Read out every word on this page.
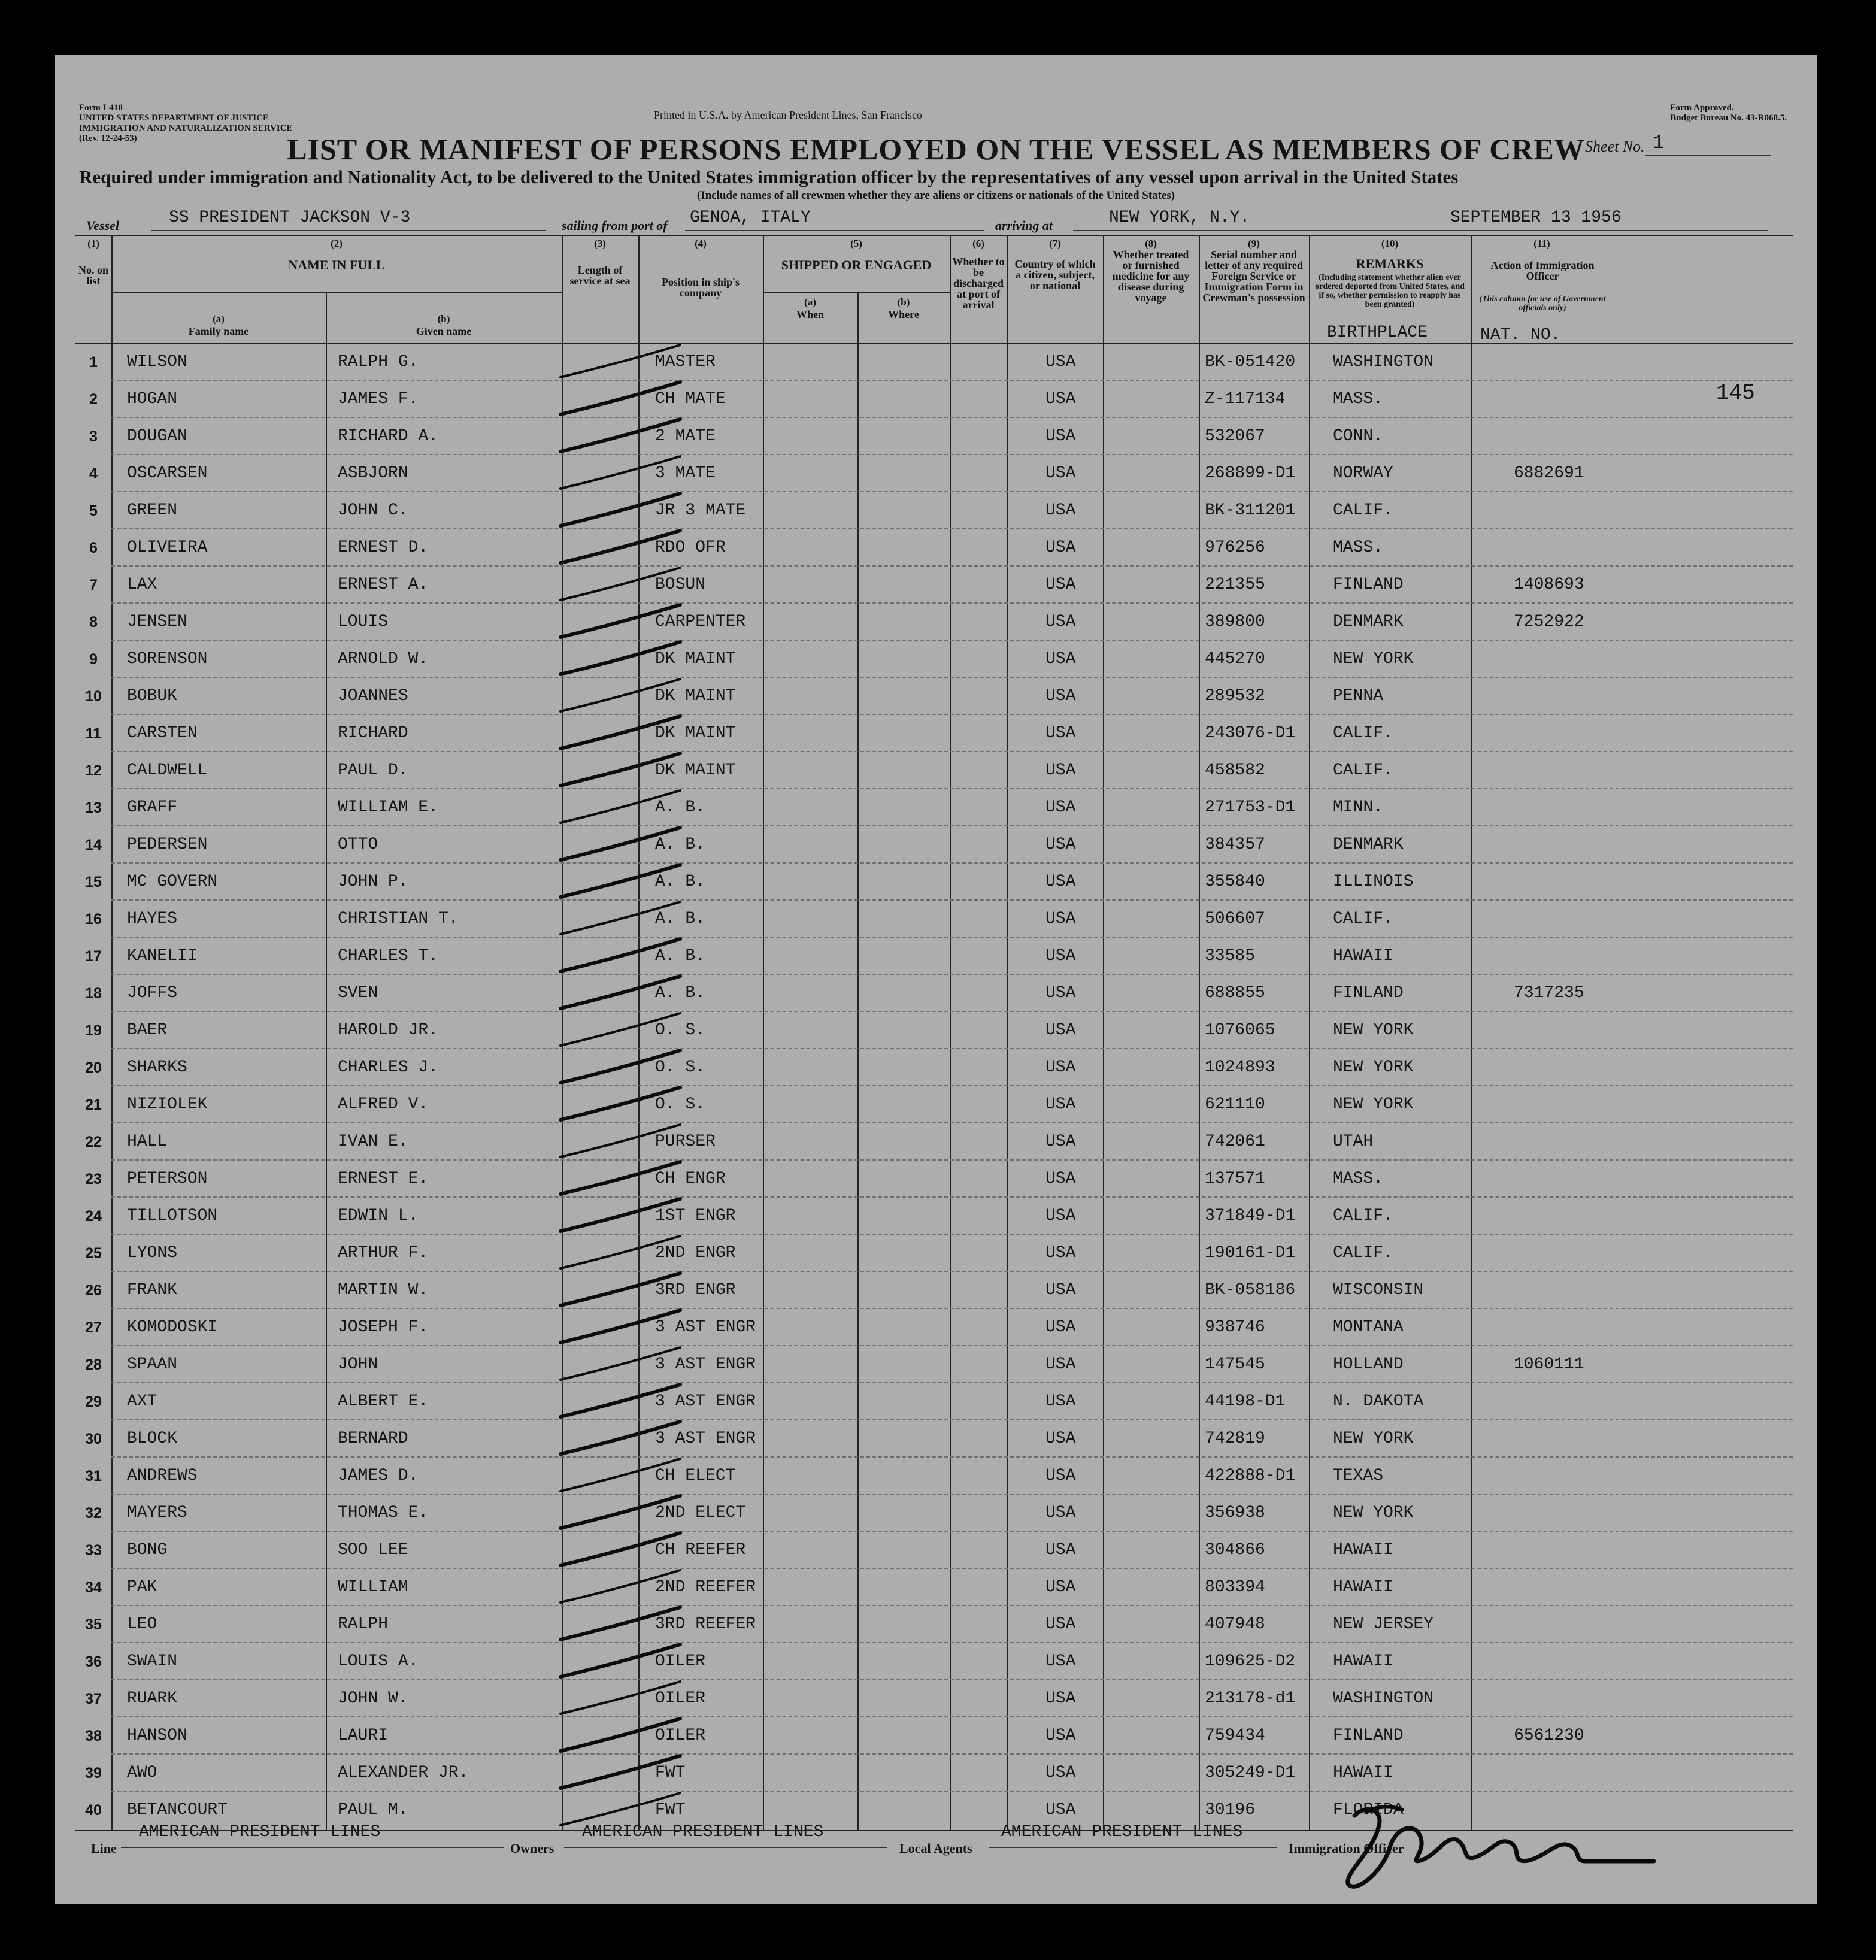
Form I-418
UNITED STATES DEPARTMENT OF JUSTICE
IMMIGRATION AND NATURALIZATION SERVICE
(Rev. 12-24-53)
Printed in U.S.A. by American President Lines, San Francisco
Form Approved.
Budget Bureau No. 43-R068.5.
LIST OR MANIFEST OF PERSONS EMPLOYED ON THE VESSEL AS MEMBERS OF CREW Sheet No. 1
Required under immigration and Nationality Act, to be delivered to the United States immigration officer by the representatives of any vessel upon arrival in the United States
(Include names of all crewmen whether they are aliens or citizens or nationals of the United States)
Vessel	SS PRESIDENT JACKSON V-3	sailing from port of GENOA, ITALY	arriving at	NEW YORK, N.Y.	SEPTEMBER 13 1956
(1)
No. on list
(2)
NAME IN FULL
(a)
Family name
(b)
Given name
(3)
Length of service at sea
(4)
Position in ship's company
(5)
SHIPPED OR ENGAGED
(a)
When
(b)
Where
(6)
Whether to be discharged at port of arrival
(7)
Country of which a citizen, subject, or national
(8)
Whether treated or furnished medicine for any disease during voyage
(9)
Serial number and letter of any required Foreign Service or Immigration Form in Crewman's possession
(10)
REMARKS
(Including statement whether alien ever ordered deported from United States, and if so, whether permission to reapply has been granted)
BIRTHPLACE
(11)
Action of Immigration Officer
(This column for use of Government officials only)
NAT. NO.
1	WILSON	RALPH G.	MASTER	USA	BK-051420 WASHINGTON
2	HOGAN	JAMES F.	CH MATE	USA	Z-117134	MASS.	145
3	DOUGAN	RICHARD A.	2 MATE	USA	532067	CONN.
4	OSCARSEN	ASBJORN	3 MATE	USA	268899-D1 NORWAY	6882691
5	GREEN	JOHN C.	JR 3 MATE	USA	BK-311201 CALIF.
6	OLIVEIRA	ERNEST D.	RDO OFR	USA	976256	MASS.
7	LAX	ERNEST A.	BOSUN	USA	221355	FINLAND	1408693
8	JENSEN	LOUIS	CARPENTER	USA	389800	DENMARK	7252922
9	SORENSON	ARNOLD W.	DK MAINT	USA	445270	NEW YORK
10	BOBUK	JOANNES	DK MAINT	USA	289532	PENNA
11	CARSTEN	RICHARD	DK MAINT	USA	243076-D1 CALIF.
12	CALDWELL	PAUL D.	DK MAINT	USA	458582	CALIF.
13	GRAFF	WILLIAM E.	A. B.	USA	271753-D1 MINN.
14	PEDERSEN	OTTO	A. B.	USA	384357	DENMARK
15	MC GOVERN	JOHN P.	A. B.	USA	355840	ILLINOIS
16	HAYES	CHRISTIAN T.	A. B.	USA	506607	CALIF.
17	KANELII	CHARLES T.	A. B.	USA	33585	HAWAII
18	JOFFS	SVEN	A. B.	USA	688855	FINLAND	7317235
19	BAER	HAROLD JR.	O. S.	USA	1076065	NEW YORK
20	SHARKS	CHARLES J.	O. S.	USA	1024893	NEW YORK
21	NIZIOLEK	ALFRED V.	O. S.	USA	621110	NEW YORK
22	HALL	IVAN E.	PURSER	USA	742061	UTAH
23	PETERSON	ERNEST E.	CH ENGR	USA	137571	MASS.
24	TILLOTSON	EDWIN L.	1ST ENGR	USA	371849-D1 CALIF.
25	LYONS	ARTHUR F.	2ND ENGR	USA	190161-D1 CALIF.
26	FRANK	MARTIN W.	3RD ENGR	USA	BK-058186 WISCONSIN
27	KOMODOSKI	JOSEPH F.	3 AST ENGR	USA	938746	MONTANA
28	SPAAN	JOHN	3 AST ENGR	USA	147545	HOLLAND	1060111
29	AXT	ALBERT E.	3 AST ENGR	USA	44198-D1	N. DAKOTA
30	BLOCK	BERNARD	3 AST ENGR	USA	742819	NEW YORK
31	ANDREWS	JAMES D.	CH ELECT	USA	422888-D1 TEXAS
32	MAYERS	THOMAS E.	2ND ELECT	USA	356938	NEW YORK
33	BONG	SOO LEE	CH REEFER	USA	304866	HAWAII
34	PAK	WILLIAM	2ND REEFER	USA	803394	HAWAII
35	LEO	RALPH	3RD REEFER	USA	407948	NEW JERSEY
36	SWAIN	LOUIS A.	OILER	USA	109625-D2 HAWAII
37	RUARK	JOHN W.	OILER	USA	213178-d1 WASHINGTON
38	HANSON	LAURI	OILER	USA	759434	FINLAND	6561230
39	AWO	ALEXANDER JR.	FWT	USA	305249-D1 HAWAII
40	BETANCOURT	PAUL M.	FWT	USA	30196	FLORIDA
Line
AMERICAN PRESIDENT LINES
Owners
AMERICAN PRESIDENT LINES
Local Agents
AMERICAN PRESIDENT LINES
Immigration Officer
